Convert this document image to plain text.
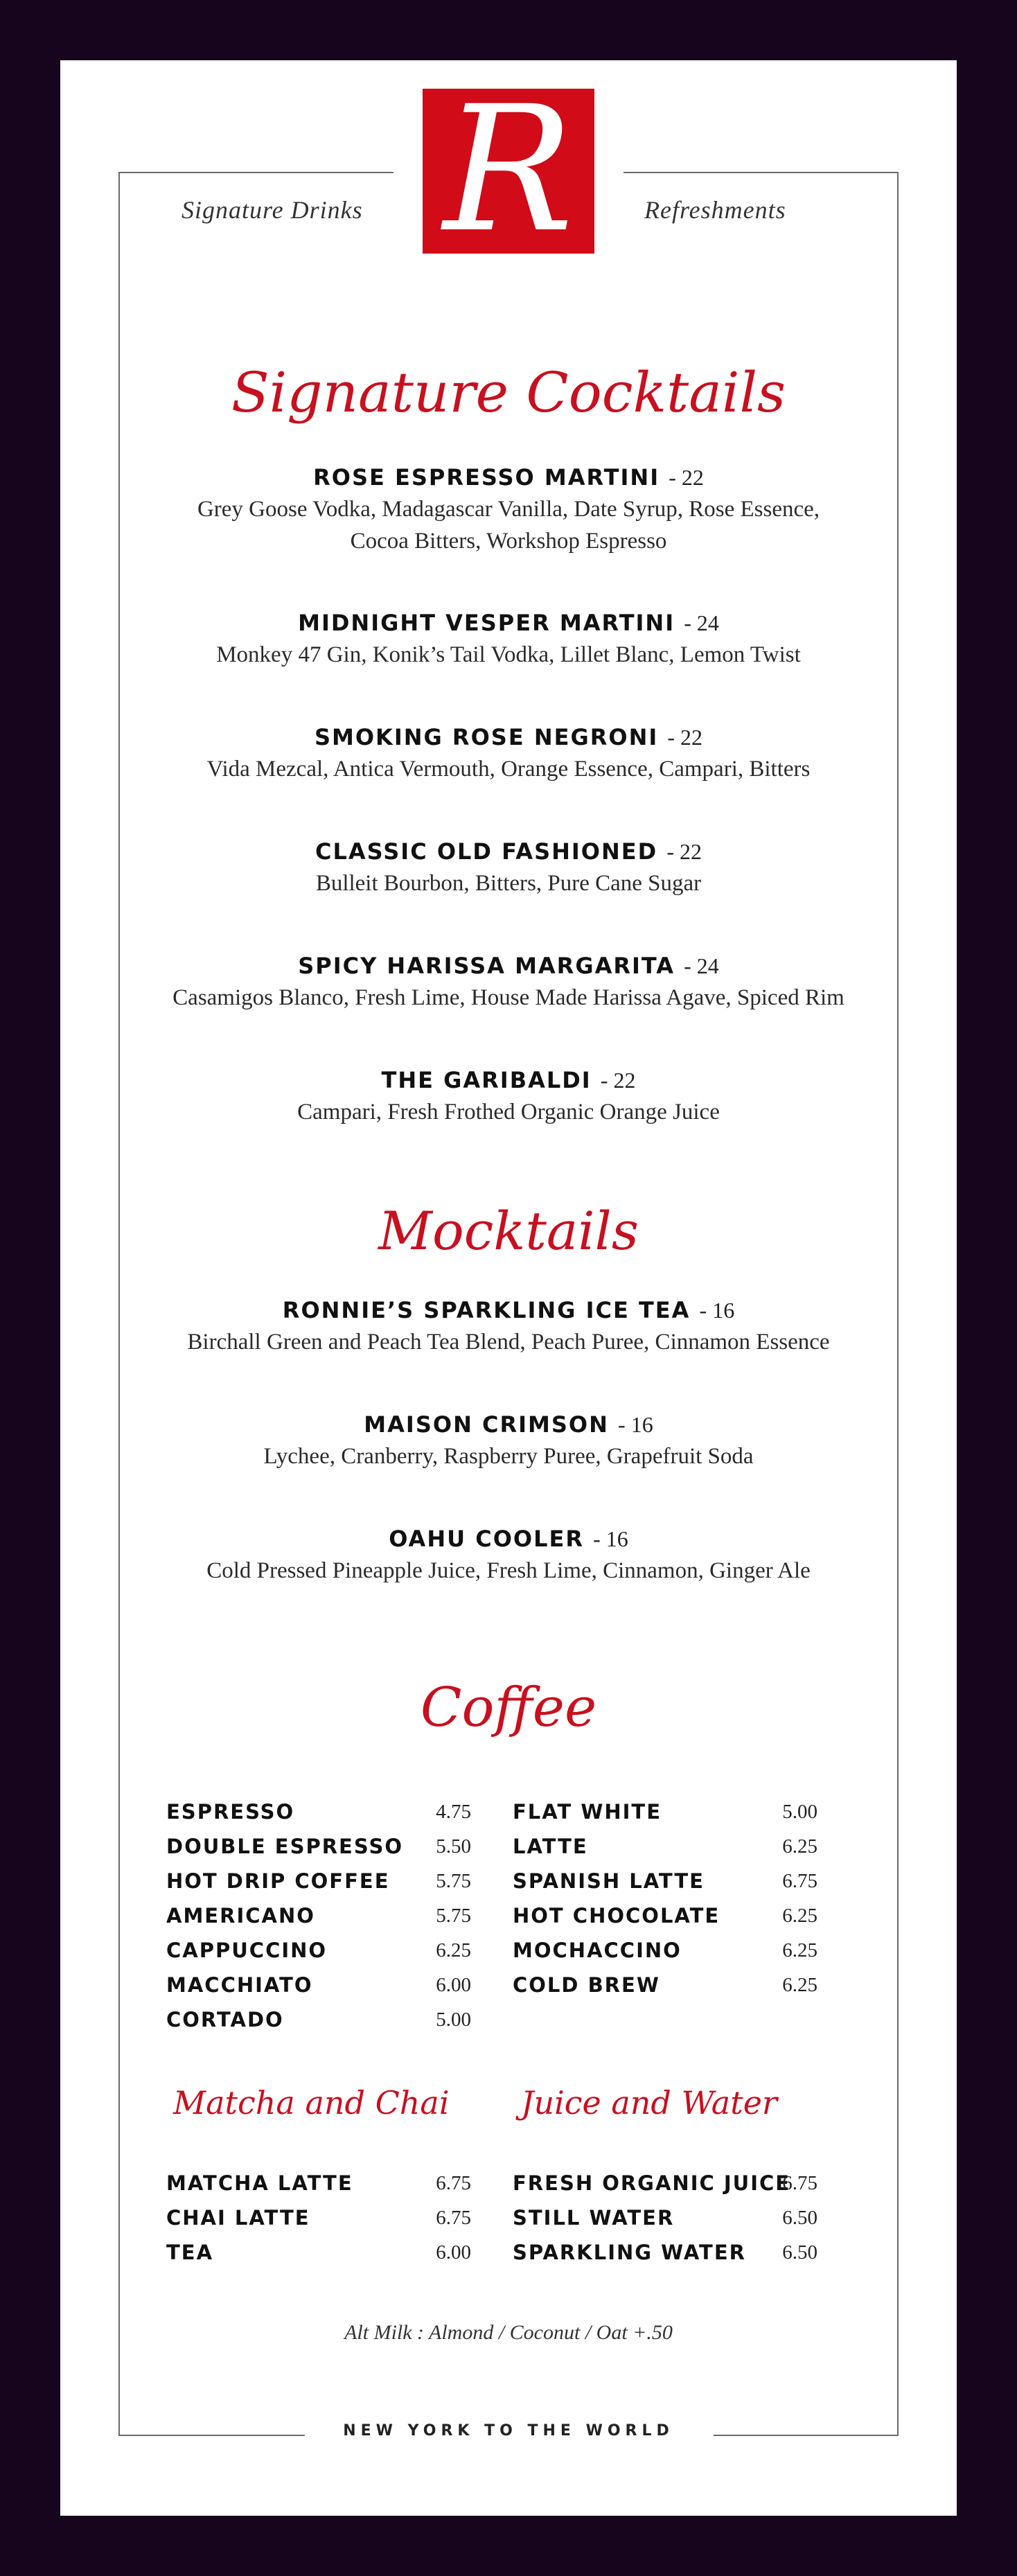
R
Signature Drinks	Refreshments
Signature Cocktails
ROSE ESPRESSO MARTINI - 22
Grey Goose Vodka, Madagascar Vanilla, Date Syrup, Rose Essence, Cocoa Bitters, Workshop Espresso
MIDNIGHT VESPER MARTINI - 24
Monkey 47 Gin, Konik’s Tail Vodka, Lillet Blanc, Lemon Twist
SMOKING ROSE NEGRONI - 22
Vida Mezcal, Antica Vermouth, Orange Essence, Campari, Bitters
CLASSIC OLD FASHIONED - 22
Bulleit Bourbon, Bitters, Pure Cane Sugar
SPICY HARISSA MARGARITA - 24
Casamigos Blanco, Fresh Lime, House Made Harissa Agave, Spiced Rim
THE GARIBALDI - 22
Campari, Fresh Frothed Organic Orange Juice
Mocktails
RONNIE’S SPARKLING ICE TEA - 16
Birchall Green and Peach Tea Blend, Peach Puree, Cinnamon Essence
MAISON CRIMSON - 16
Lychee, Cranberry, Raspberry Puree, Grapefruit Soda
OAHU COOLER - 16
Cold Pressed Pineapple Juice, Fresh Lime, Cinnamon, Ginger Ale
Coffee
ESPRESSO	4.75
DOUBLE ESPRESSO 5.50
HOT DRIP COFFEE 5.75
AMERICANO	5.75
CAPPUCCINO	6.25
MACCHIATO	6.00
CORTADO	5.00
FLAT WHITE	5.00
LATTE	6.25
SPANISH LATTE	6.75
HOT CHOCOLATE	6.25
MOCHACCINO	6.25
COLD BREW	6.25
Matcha and Chai Juice and Water
MATCHA LATTE	6.75
CHAI LATTE	6.75
TEA	6.00
FRESH ORGANIC JUICE
6.75
STILL WATER	6.50
SPARKLING WATER 6.50
Alt Milk : Almond / Coconut / Oat +.50
NEW YORK TO THE WORLD
